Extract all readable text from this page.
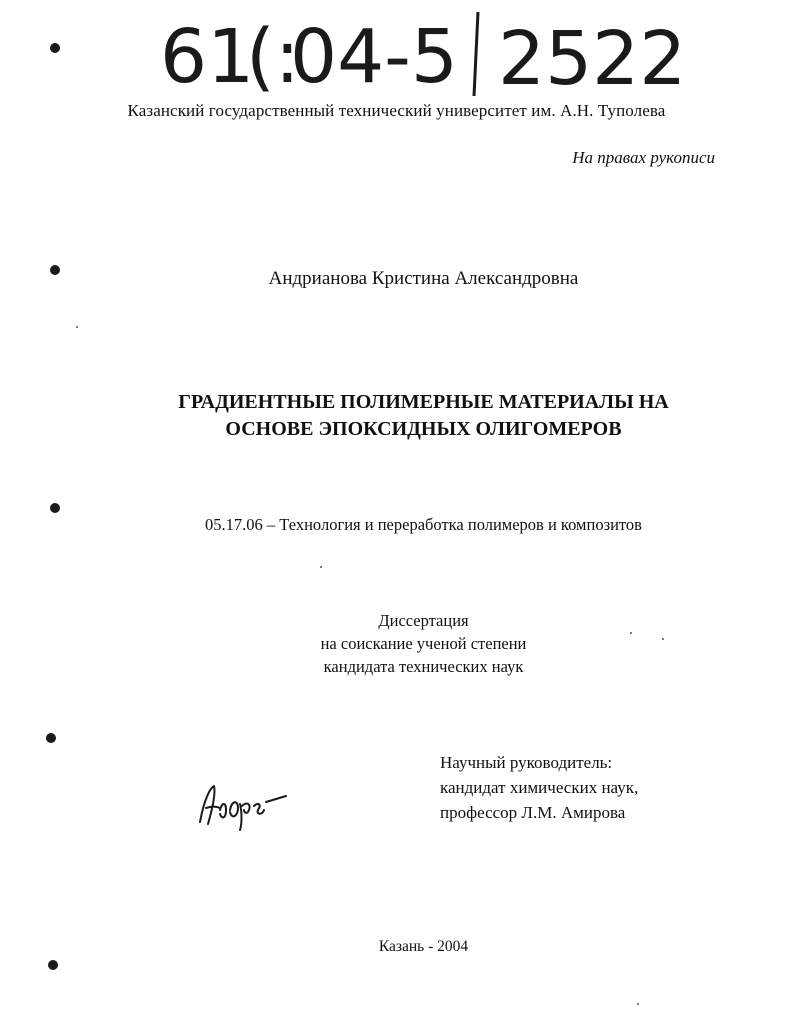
61
(:
04-5 2522
Казанский государственный технический университет им. А.Н. Туполева
На правах рукописи
Андрианова Кристина Александровна
ГРАДИЕНТНЫЕ ПОЛИМЕРНЫЕ МАТЕРИАЛЫ НА
ОСНОВЕ ЭПОКСИДНЫХ ОЛИГОМЕРОВ
05.17.06 – Технология и переработка полимеров и композитов
Диссертация
на соискание ученой степени
кандидата технических наук
Научный руководитель:
кандидат химических наук,
профессор Л.М. Амирова
Казань - 2004
